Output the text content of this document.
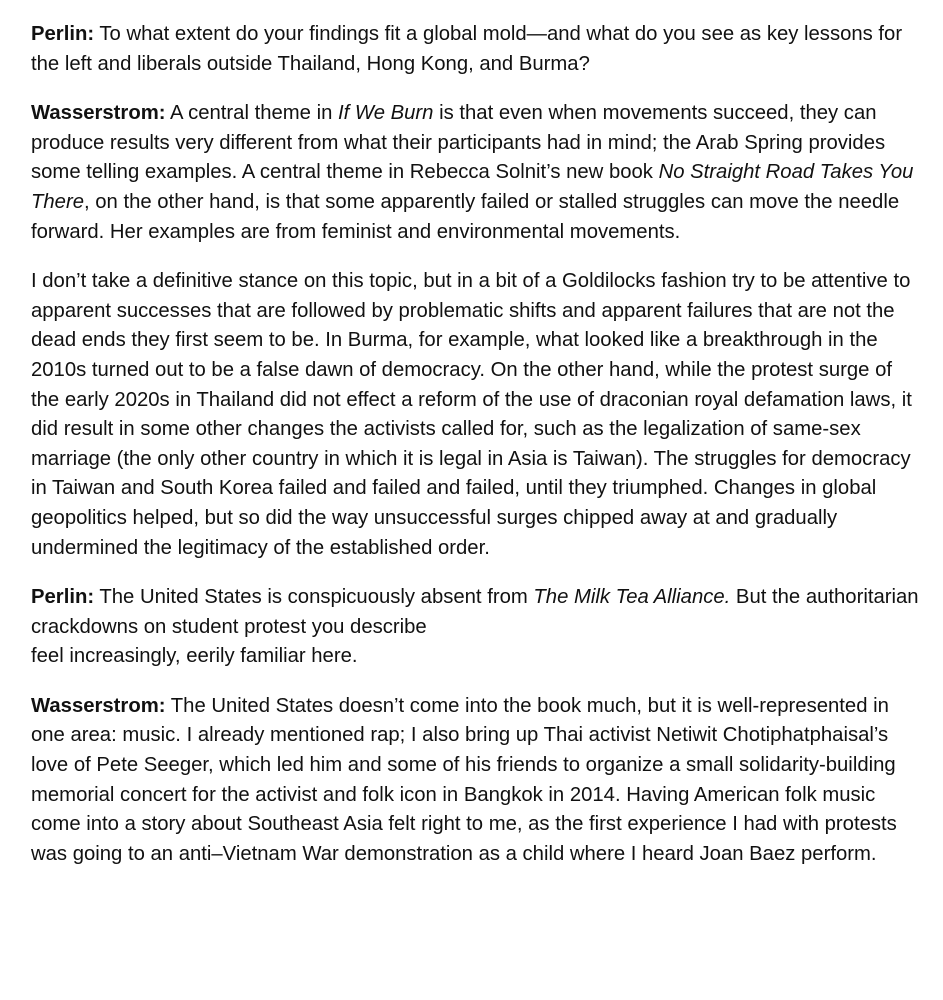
Perlin: To what extent do your findings fit a global mold—and what do you see as key lessons for the left and liberals outside Thailand, Hong Kong, and Burma?

Wasserstrom: A central theme in If We Burn is that even when movements succeed, they can produce results very different from what their participants had in mind; the Arab Spring provides some telling examples. A central theme in Rebecca Solnit’s new book No Straight Road Takes You There, on the other hand, is that some apparently failed or stalled struggles can move the needle forward. Her examples are from feminist and environmental movements.

I don’t take a definitive stance on this topic, but in a bit of a Goldilocks fashion try to be attentive to apparent successes that are followed by problematic shifts and apparent failures that are not the dead ends they first seem to be. In Burma, for example, what looked like a breakthrough in the 2010s turned out to be a false dawn of democracy. On the other hand, while the protest surge of the early 2020s in Thailand did not effect a reform of the use of draconian royal defamation laws, it did result in some other changes the activists called for, such as the legalization of same-sex marriage (the only other country in which it is legal in Asia is Taiwan). The struggles for democracy in Taiwan and South Korea failed and failed and failed, until they triumphed. Changes in global geopolitics helped, but so did the way unsuccessful surges chipped away at and gradually undermined the legitimacy of the established order.

Perlin: The United States is conspicuously absent from The Milk Tea Alliance. But the authoritarian crackdowns on student protest you describe
feel increasingly, eerily familiar here.

Wasserstrom: The United States doesn’t come into the book much, but it is well-represented in one area: music. I already mentioned rap; I also bring up Thai activist Netiwit Chotiphatphaisal’s love of Pete Seeger, which led him and some of his friends to organize a small solidarity-building memorial concert for the activist and folk icon in Bangkok in 2014. Having American folk music come into a story about Southeast Asia felt right to me, as the first experience I had with protests was going to an anti–Vietnam War demonstration as a child where I heard Joan Baez perform.
